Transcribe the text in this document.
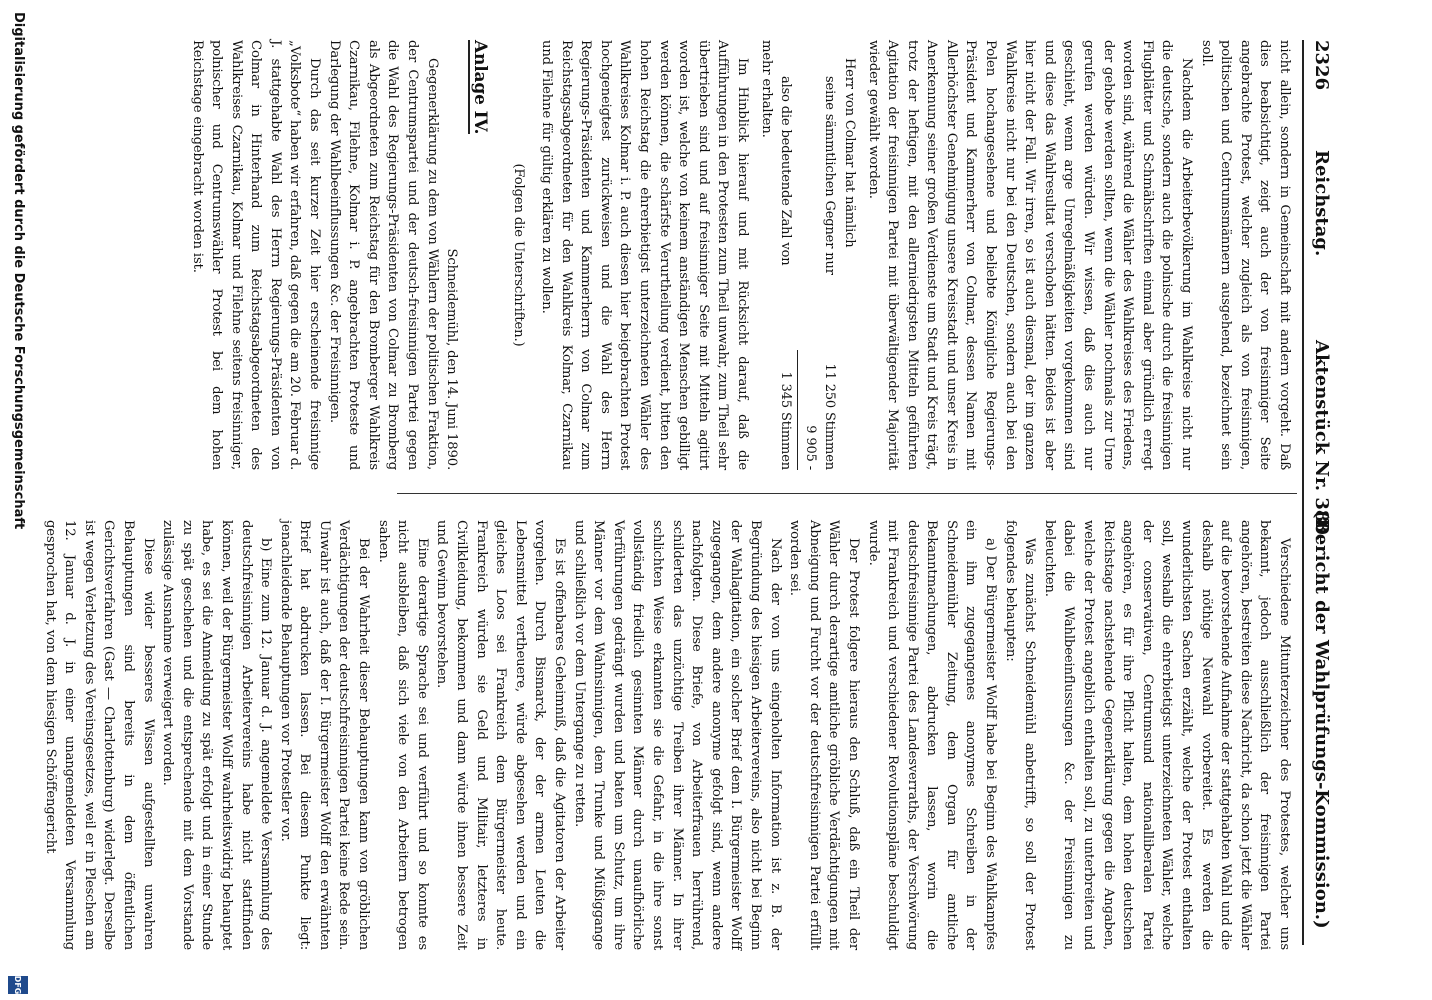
2326
Reichstag.
Aktenstück Nr. 380.
(Bericht der Wahlprüfungs-Kommission.)

nicht allein, sondern in Gemeinschaft mit andern vorgeht. Daß dies beabsichtigt, zeigt auch der von freisinniger Seite angebrachte Protest, welcher zugleich als von freisinnigen, politischen und Centrumsmännern ausgehend, bezeichnet sein soll.

Nachdem die Arbeiterbevölkerung im Wahlkreise nicht nur die deutsche, sondern auch die polnische durch die freisinnigen Flugblätter und Schmähschriften einmal aber gründlich erregt worden sind, während die Wähler des Wahlkreises des Friedens, der gehobe werden sollten, wenn die Wähler nochmals zur Urne gerufen werden würden. Wir wissen, daß dies auch nur geschieht, wenn arge Unregelmäßigkeiten vorgekommen sind und diese das Wahlresultat verschoben hätten. Beides ist aber hier nicht der Fall. Wir irren, so ist auch diesmal, der im ganzen Wahlkreise nicht nur bei den Deutschen, sondern auch bei den Polen hochangesehene und beliebte Königliche Regierungs-Präsident und Kammerherr von Colmar, dessen Namen mit Allerhöchster Genehmigung unsere Kreisstadt und unser Kreis in Anerkennung seiner großen Verdienste um Stadt und Kreis trägt, trotz der heftigen, mit den allerniedrigsten Mitteln geführten Agitation der freisinnigen Partei mit überwältigender Majorität wieder gewählt worden.

Herr von Colmar hat nämlich

seine sämmtlichen Gegner nur
11 250 Stimmen

9 905 -

also die bedeutende Zahl von
1 345 Stimmen

mehr erhalten.

Im Hinblick hierauf und mit Rücksicht darauf, daß die Aufführungen in den Protesten zum Theil unwahr, zum Theil sehr übertrieben sind und auf freisinniger Seite mit Mitteln agitirt worden ist, welche von keinem anständigen Menschen gebilligt werden können, die schärfste Verurtheilung verdient, bitten den hohen Reichstag die ehrerbietigst unterzeichneten Wähler des Wahlkreises Kolmar i. P. auch diesen hier beigebrachten Protest hochgeneigtest zurückweisen und die Wahl des Herrn Regierungs-Präsidenten und Kammerherrn von Colmar zum Reichstagsabgeordneten für den Wahlkreis Kolmar, Czarnikau und Filehne für gültig erklären zu wollen.

(Folgen die Unterschriften.)

Anlage IV.

Schneidemühl, den 14. Juni 1890.

Gegenerklärung zu dem von Wählern der politischen Fraktion, der Centrumspartei und der deutsch-freisinnigen Partei gegen die Wahl des Regierungs-Präsidenten von Colmar zu Bromberg als Abgeordneten zum Reichstag für den Bromberger Wahlkreis Czarnikau, Filehne, Kolmar i. P. angebrachten Proteste und Darlegung der Wahlbeeinflussungen &c. der Freisinnigen.

Durch das seit kurzer Zeit hier erscheinende freisinnige „Volksbote“ haben wir erfahren, daß gegen die am 20. Februar d. J. stattgehabte Wahl des Herrn Regierungs-Präsidenten von Colmar in Hinterhand zum Reichstagsabgeordneten des Wahlkreises Czarnikau, Kolmar und Filehne seitens freisinniger, polnischer und Centrumswähler Protest bei dem hohen Reichstage eingebracht worden ist.

Verschiedene Mitunterzeichner des Protestes, welcher uns bekannt, jedoch ausschließlich der freisinnigen Partei angehören, bestreiten diese Nachricht, da schon jetzt die Wähler auf die bevorstehende Aufnahme der stattgehabten Wahl und die deshalb nöthige Neuwahl vorbereitet. Es werden die wunderlichsten Sachen erzählt, welche der Protest enthalten soll, weshalb die ehrerbietigst unterzeichneten Wähler, welche der conservativen, Centrumsund nationalliberalen Partei angehören, es für ihre Pflicht halten, dem hohen deutschen Reichstage nachstehende Gegenerklärung gegen die Angaben, welche der Protest angeblich enthalten soll, zu unterbreiten und dabei die Wahlbeeinflussungen &c. der Freisinnigen zu beleuchten.

Was zunächst Schneidemühl anbetrifft, so soll der Protest folgendes behaupten:

a) Der Bürgermeister Wolff habe bei Beginn des Wahlkampfes ein ihm zugegangenes anonymes Schreiben in der Schneidemühler Zeitung, dem Organ für amtliche Bekanntmachungen, abdrucken lassen, worin die deutschfreisinnige Partei des Landesverraths, der Verschwörung mit Frankreich und verschiedener Revolutionspläne beschuldigt wurde.

Der Protest folgere hieraus den Schluß, daß ein Theil der Wähler durch derartige amtliche gröbliche Verdächtigungen mit Abneigung und Furcht vor der deutschfreisinnigen Partei erfüllt worden sei.

Nach der von uns eingeholten Information ist z. B. der Begründung des hiesigen Arbeitervereins, also nicht bei Beginn der Wahlagitation, ein solcher Brief dem I. Bürgermeister Wolff zugegangen, dem andere anonyme gefolgt sind, wenn andere nachfolgten. Diese Briefe, von Arbeiterfrauen herrührend, schilderten das unzüchtige Treiben ihrer Männer. In ihrer schlichten Weise erkannten sie die Gefahr, in die ihre sonst vollständig friedlich gesinnten Männer durch unaufhörliche Verführungen gedrängt wurden und baten um Schutz, um ihre Männer vor dem Wahnsinnigen, dem Trunke und Müßiggange und schließlich vor dem Untergange zu retten.

Es ist offenbares Geheimniß, daß die Agitatoren der Arbeiter vorgehen. Durch Bismarck, der der armen Leuten die Lebensmittel vertheuere, würde abgesehen werden und ein gleiches Loos sei Frankreich dem Bürgermeister heute. Frankreich würden sie Geld und Militair, letzteres in Civilkleidung, bekommen und dann würde ihnen bessere Zeit und Gewinn bevorstehen.

Eine derartige Sprache sei und verführt und so konnte es nicht ausbleiben, daß sich viele von den Arbeitern betrogen sahen.

Bei der Wahrheit dieser Behauptungen kann von gröblichen Verdächtigungen der deutschfreisinnigen Partei keine Rede sein. Unwahr ist auch, daß der I. Bürgermeister Wolff den erwähnten Brief hat abdrucken lassen. Bei diesem Punkte liegt: jenachleidende Behauptungen vor Protestler vor.

b) Eine zum 12. Januar d. J. angemeldete Versammlung des deutschfreisinnigen Arbeitervereins habe nicht stattfinden können, weil der Bürgermeister Wolff wahrheitswidrig behauptet habe, es sei die Anmeldung zu spät erfolgt und in einer Stunde zu spät geschehen und die entsprechende mit dem Vorstande zulässige Ausnahme verweigert worden.

Diese wider besseres Wissen aufgestellten unwahren Behauptungen sind bereits in dem öffentlichen Gerichtsverfahren (Gast — Charlottenburg) widerlegt. Derselbe ist wegen Verletzung des Vereinsgesetzes, weil er in Pleschen am 12. Januar d. J. in einer unangemeldeten Versammlung gesprochen hat, von dem hiesigen Schöffengericht

Digitalisierung gefördert durch die Deutsche Forschungsgemeinschaft
DFG
